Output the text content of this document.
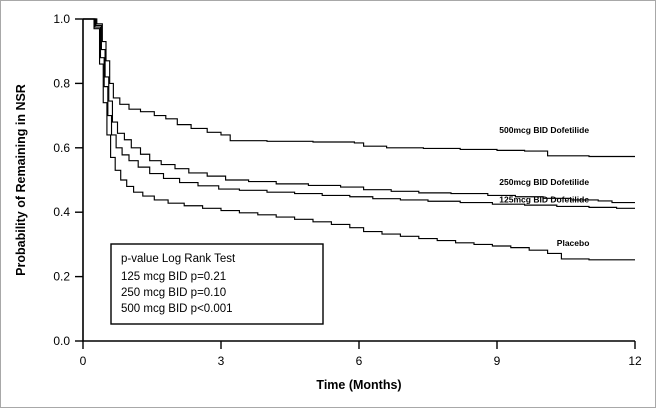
0	3	6	9	12
0.0
0.2
0.4
0.6
0.8
1.0
Time (Months)
Probability of Remaining in NSR	500mcg BID Dofetilide
250mcg BID Dofetilide
125mcg BID Dofetilide
Placebo
p-value Log Rank Test
125 mcg BID p=0.21
250 mcg BID p=0.10
500 mcg BID p<0.001
